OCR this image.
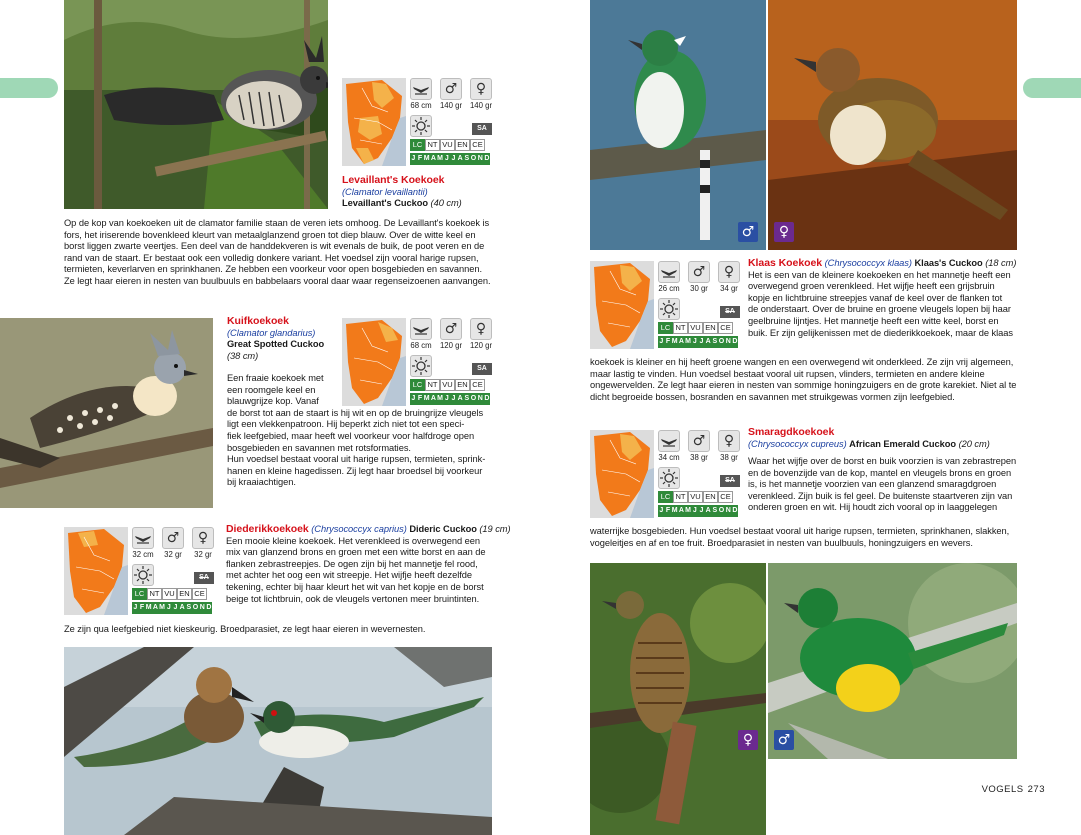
♂	♀
68 cm	140 gr	140 gr
SA
LC NT VU EN CE
J F M A M J J A S O N D

Levaillant's Koekoek

(Clamator levaillantii)

Levaillant's Cuckoo (40 cm)

Op de kop van koekoeken uit de clamator familie staan de veren iets omhoog. De Levaillant's koekoek is

fors, het iriserende bovenkleed kleurt van metaalglanzend groen tot diep blauw. Over de witte keel en

borst liggen zwarte veertjes. Een deel van de handdekveren is wit evenals de buik, de poot veren en de

rand van de staart. Er bestaat ook een volledig donkere variant. Het voedsel zijn vooral harige rupsen,

termieten, keverlarven en sprinkhanen. Ze hebben een voorkeur voor open bosgebieden en savannen.

Ze legt haar eieren in nesten van buulbuuls en babbelaars vooral daar waar regenseizoenen aanvangen.

Kuifkoekoek

(Clamator glandarius)

Great Spotted Cuckoo

(38 cm)

♂	♀
68 cm	120 gr	120 gr
SA
LC NT VU EN CE
J F M A M J J A S O N D

Een fraaie koekoek met

een roomgele keel en

blauwgrijze kop. Vanaf

de borst tot aan de staart is hij wit en op de bruingrijze vleugels

ligt een vlekkenpatroon. Hij beperkt zich niet tot een speci-

fiek leefgebied, maar heeft wel voorkeur voor halfdroge open

bosgebieden en savannen met rotsformaties.

Hun voedsel bestaat vooral uit harige rupsen, termieten, sprink-

hanen en kleine hagedissen. Zij legt haar broedsel bij voorkeur

bij kraaiachtigen.

♂	♀
32 cm	32 gr	32 gr
SA
LC NT VU EN CE
J F M A M J J A S O N D

Diederikkoekoek (Chrysococcyx caprius) Dideric Cuckoo (19 cm)

Een mooie kleine koekoek. Het verenkleed is overwegend een

mix van glanzend brons en groen met een witte borst en aan de

flanken zebrastreepjes. De ogen zijn bij het mannetje fel rood,

met achter het oog een wit streepje. Het wijfje heeft dezelfde

tekening, echter bij haar kleurt het wit van het kopje en de borst

beige tot lichtbruin, ook de vleugels vertonen meer bruintinten.

Ze zijn qua leefgebied niet kieskeurig. Broedparasiet, ze legt haar eieren in wevernesten.

♂	♀
♂	♀
26 cm	30 gr	34 gr
SA
LC NT VU EN CE
J F M A M J J A S O N D

Klaas Koekoek (Chrysococcyx klaas) Klaas's Cuckoo (18 cm)

Het is een van de kleinere koekoeken en het mannetje heeft een

overwegend groen verenkleed. Het wijfje heeft een grijsbruin

kopje en lichtbruine streepjes vanaf de keel over de flanken tot

de onderstaart. Over de bruine en groene vleugels lopen bij haar

geelbruine lijntjes. Het mannetje heeft een witte keel, borst en

buik. Er zijn gelijkenissen met de diederikkoekoek, maar de klaas

koekoek is kleiner en hij heeft groene wangen en een overwegend wit onderkleed. Ze zijn vrij algemeen,

maar lastig te vinden. Hun voedsel bestaat vooral uit rupsen, vlinders, termieten en andere kleine

ongewervelden. Ze legt haar eieren in nesten van sommige honingzuigers en de grote karekiet. Niet al te

dicht begroeide bossen, bosranden en savannen met struikgewas vormen zijn leefgebied.

Smaragdkoekoek

(Chrysococcyx cupreus) African Emerald Cuckoo (20 cm)

♂	♀
34 cm	38 gr	38 gr
SA
LC NT VU EN CE
J F M A M J J A S O N D

Waar het wijfje over de borst en buik voorzien is van zebrastrepen

en de bovenzijde van de kop, mantel en vleugels brons en groen

is, is het mannetje voorzien van een glanzend smaragdgroen

verenkleed. Zijn buik is fel geel. De buitenste staartveren zijn van

onderen groen en wit. Hij houdt zich vooral op in laaggelegen

waterrijke bosgebieden. Hun voedsel bestaat vooral uit harige rupsen, termieten, sprinkhanen, slakken,

vogeleitjes en af en toe fruit. Broedparasiet in nesten van buulbuuls, honingzuigers en wevers.

♀	♂
VOGELS 273
